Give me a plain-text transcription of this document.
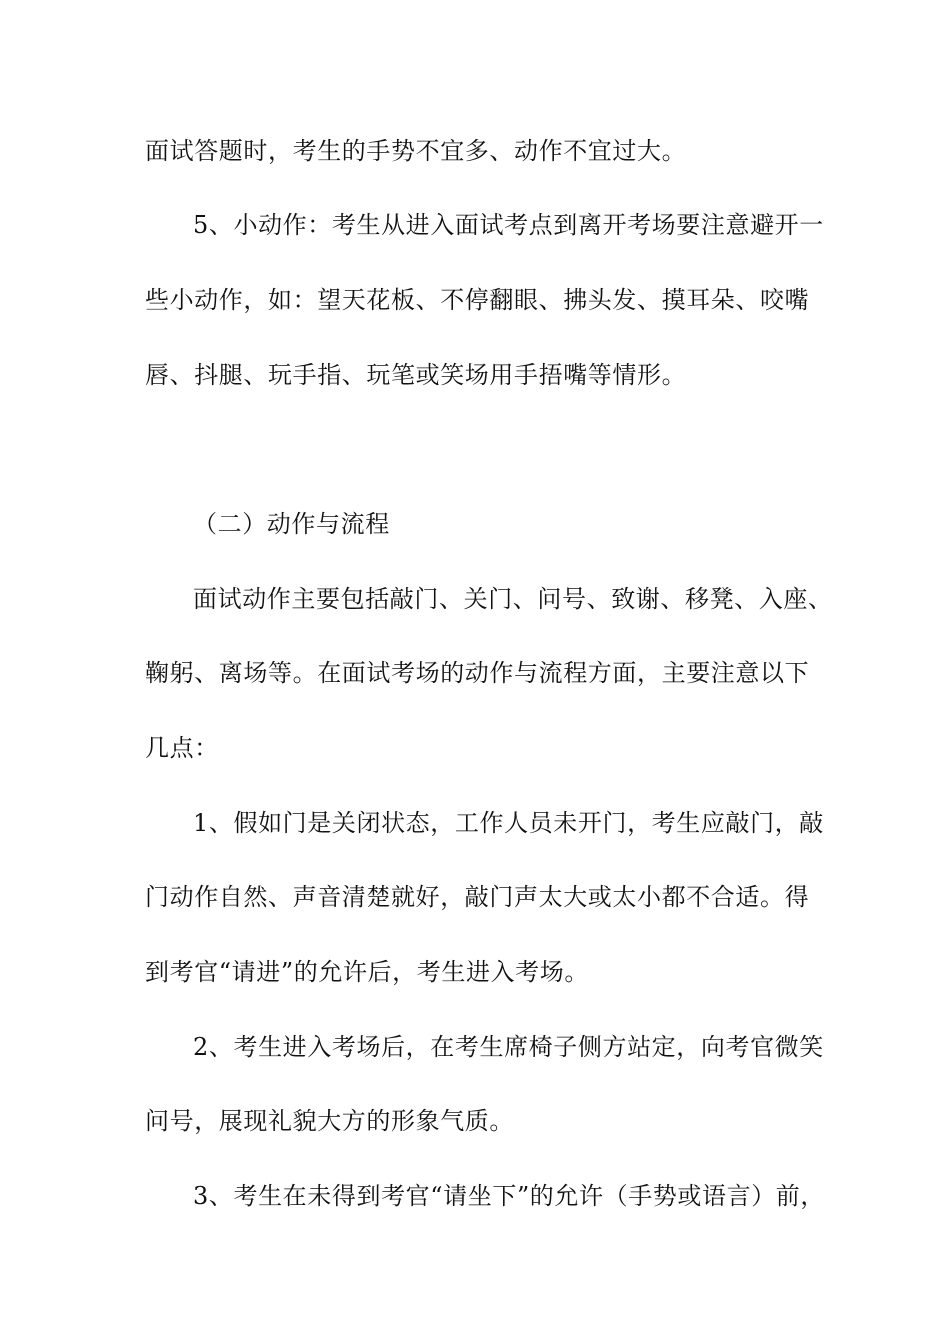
面试答题时，考生的手势不宜多、动作不宜过大。
5、小动作：考生从进入面试考点到离开考场要注意避开一
些小动作，如：望天花板、不停翻眼、拂头发、摸耳朵、咬嘴
唇、抖腿、玩手指、玩笔或笑场用手捂嘴等情形。
（二）动作与流程
面试动作主要包括敲门、关门、问号、致谢、移凳、入座、
鞠躬、离场等。在面试考场的动作与流程方面，主要注意以下
几点：
1、假如门是关闭状态，工作人员未开门，考生应敲门，敲
门动作自然、声音清楚就好，敲门声太大或太小都不合适。得
到考官“请进”的允许后，考生进入考场。
2、考生进入考场后，在考生席椅子侧方站定，向考官微笑
问号，展现礼貌大方的形象气质。
3、考生在未得到考官“请坐下”的允许（手势或语言）前，
